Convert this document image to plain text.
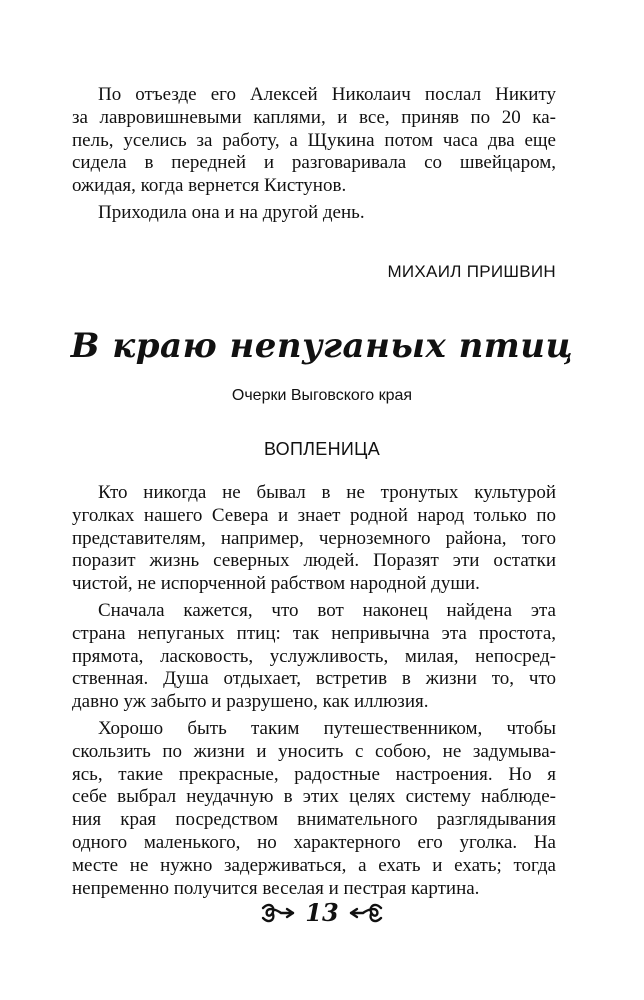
По отъезде его Алексей Николаич послал Никиту
за лавровишневыми каплями, и все, приняв по 20 ка-
пель, уселись за работу, а Щукина потом часа два еще
сидела в передней и разговаривала со швейцаром,
ожидая, когда вернется Кистунов.

Приходила она и на другой день.

МИХАИЛ ПРИШВИН
В краю непуганых птиц
Очерки Выговского края
ВОПЛЕНИЦА

Кто никогда не бывал в не тронутых культурой
уголках нашего Севера и знает родной народ только по
представителям, например, черноземного района, того
поразит жизнь северных людей. Поразят эти остатки
чистой, не испорченной рабством народной души.

Сначала кажется, что вот наконец найдена эта
страна непуганых птиц: так непривычна эта простота,
прямота, ласковость, услужливость, милая, непосред-
ственная. Душа отдыхает, встретив в жизни то, что
давно уж забыто и разрушено, как иллюзия.

Хорошо быть таким путешественником, чтобы
скользить по жизни и уносить с собою, не задумыва-
ясь, такие прекрасные, радостные настроения. Но я
себе выбрал неудачную в этих целях систему наблюде-
ния края посредством внимательного разглядывания
одного маленького, но характерного его уголка. На
месте не нужно задерживаться, а ехать и ехать; тогда
непременно получится веселая и пестрая картина.

13
